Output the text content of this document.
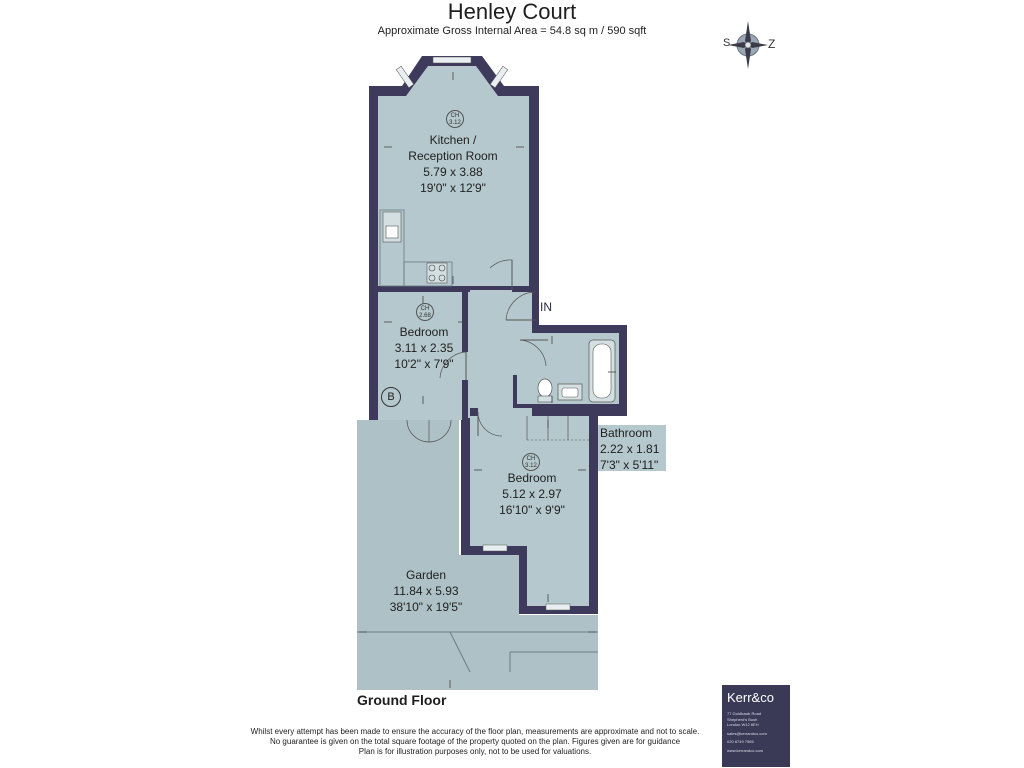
Henley Court
Approximate Gross Internal Area = 54.8 sq m / 590 sqft
S	Z
CH
3.12
CH
2.68
CH
3.12
Kitchen /
Reception Room
5.79 x 3.88
19'0" x 12'9"
Bedroom
3.11 x 2.35
10'2" x 7'9"
Bathroom
2.22 x 1.81
7'3" x 5'11"
Bedroom
5.12 x 2.97
16'10" x 9'9"
Garden
11.84 x 5.93
38'10" x 19'5"
IN
B
Ground Floor
Whilst every attempt has been made to ensure the accuracy of the floor plan, measurements are approximate and not to scale.
No guarantee is given on the total square footage of the property quoted on the plan. Figures given are for guidance
Plan is for illustration purposes only, not to be used for valuations.
Kerr&co
77 Goldhawk Road
Shepherd's Bush
London W12 8EH
sales@kerrandco.com
020 8749 7565
www.kerrandco.com
